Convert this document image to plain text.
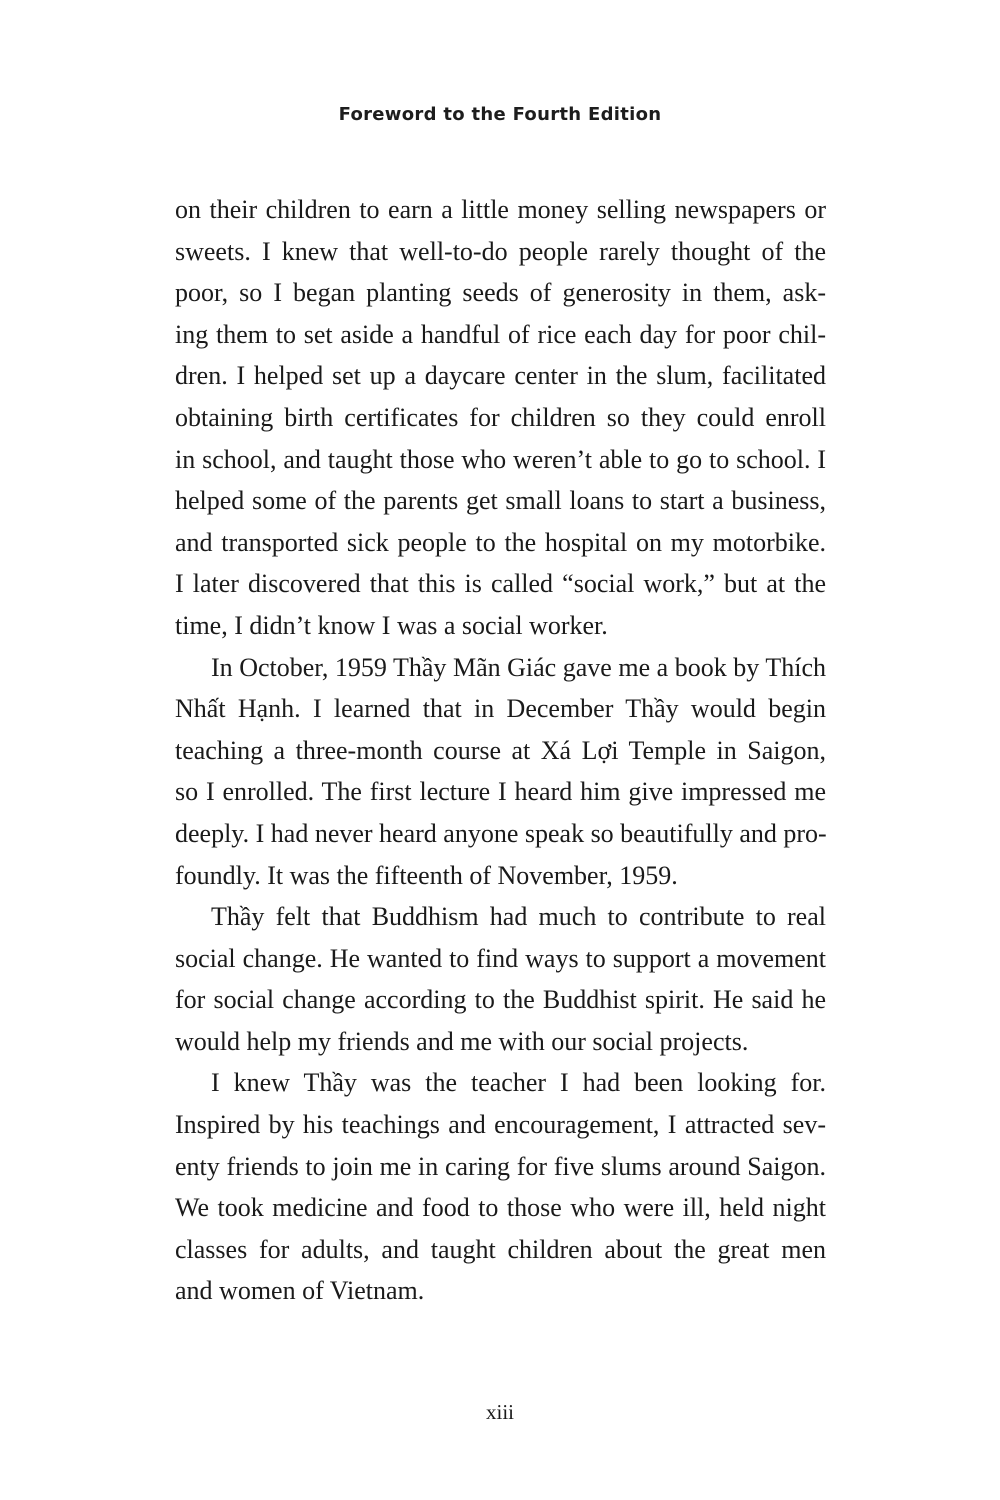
Foreword to the Fourth Edition
on their children to earn a little money selling newspapers or
sweets. I knew that well-to-do people rarely thought of the
poor, so I began planting seeds of generosity in them, ask-
ing them to set aside a handful of rice each day for poor chil-
dren. I helped set up a daycare center in the slum, facilitated
obtaining birth certificates for children so they could enroll
in school, and taught those who weren’t able to go to school. I
helped some of the parents get small loans to start a business,
and transported sick people to the hospital on my motorbike.
I later discovered that this is called “social work,” but at the
time, I didn’t know I was a social worker.
In October, 1959 Thầy Mãn Giác gave me a book by Thích
Nhất Hạnh. I learned that in December Thầy would begin
teaching a three-month course at Xá Lợi Temple in Saigon,
so I enrolled. The first lecture I heard him give impressed me
deeply. I had never heard anyone speak so beautifully and pro-
foundly. It was the fifteenth of November, 1959.
Thầy felt that Buddhism had much to contribute to real
social change. He wanted to find ways to support a movement
for social change according to the Buddhist spirit. He said he
would help my friends and me with our social projects.
I knew Thầy was the teacher I had been looking for.
Inspired by his teachings and encouragement, I attracted sev-
enty friends to join me in caring for five slums around Saigon.
We took medicine and food to those who were ill, held night
classes for adults, and taught children about the great men
and women of Vietnam.
xiii
